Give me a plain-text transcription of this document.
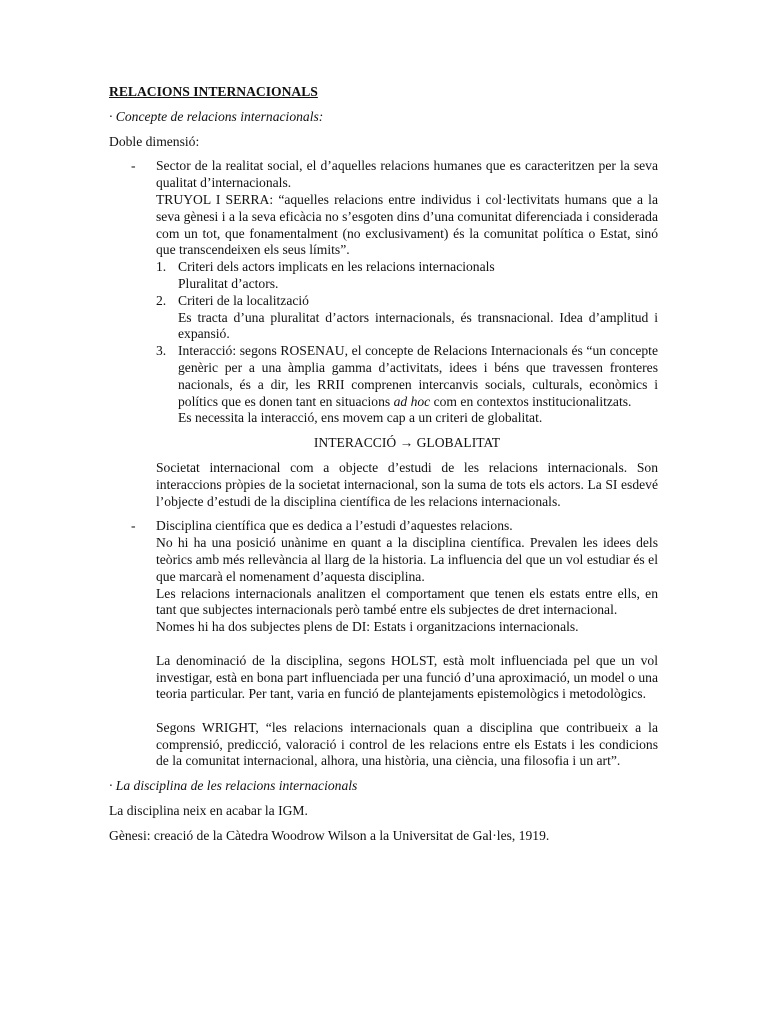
RELACIONS INTERNACIONALS
· Concepte de relacions internacionals:
Doble dimensió:
- Sector de la realitat social, el d’aquelles relacions humanes que es caracteritzen per la seva qualitat d’internacionals.
TRUYOL I SERRA: “aquelles relacions entre individus i col·lectivitats humans que a la seva gènesi i a la seva eficàcia no s’esgoten dins d’una comunitat diferenciada i considerada com un tot, que fonamentalment (no exclusivament) és la comunitat política o Estat, sinó que transcendeixen els seus límits”.
1. Criteri dels actors implicats en les relacions internacionals
Pluralitat d’actors.
2. Criteri de la localització
Es tracta d’una pluralitat d’actors internacionals, és transnacional. Idea d’amplitud i expansió.
3. Interacció: segons ROSENAU, el concepte de Relacions Internacionals és “un concepte genèric per a una àmplia gamma d’activitats, idees i béns que travessen fronteres nacionals, és a dir, les RRII comprenen intercanvis socials, culturals, econòmics i polítics que es donen tant en situacions ad hoc com en contextos institucionalitzats.
Es necessita la interacció, ens movem cap a un criteri de globalitat.
INTERACCIÓ → GLOBALITAT
Societat internacional com a objecte d’estudi de les relacions internacionals. Son interaccions pròpies de la societat internacional, son la suma de tots els actors. La SI esdevé l’objecte d’estudi de la disciplina científica de les relacions internacionals.
- Disciplina científica que es dedica a l’estudi d’aquestes relacions.
No hi ha una posició unànime en quant a la disciplina científica. Prevalen les idees dels teòrics amb més rellevància al llarg de la historia. La influencia del que un vol estudiar és el que marcarà el nomenament d’aquesta disciplina.
Les relacions internacionals analitzen el comportament que tenen els estats entre ells, en tant que subjectes internacionals però també entre els subjectes de dret internacional.
Nomes hi ha dos subjectes plens de DI: Estats i organitzacions internacionals.
La denominació de la disciplina, segons HOLST, està molt influenciada pel que un vol investigar, està en bona part influenciada per una funció d’una aproximació, un model o una teoria particular. Per tant, varia en funció de plantejaments epistemològics i metodològics.
Segons WRIGHT, “les relacions internacionals quan a disciplina que contribueix a la comprensió, predicció, valoració i control de les relacions entre els Estats i les condicions de la comunitat internacional, alhora, una història, una ciència, una filosofia i un art”.
· La disciplina de les relacions internacionals
La disciplina neix en acabar la IGM.
Gènesi: creació de la Càtedra Woodrow Wilson a la Universitat de Gal·les, 1919.
